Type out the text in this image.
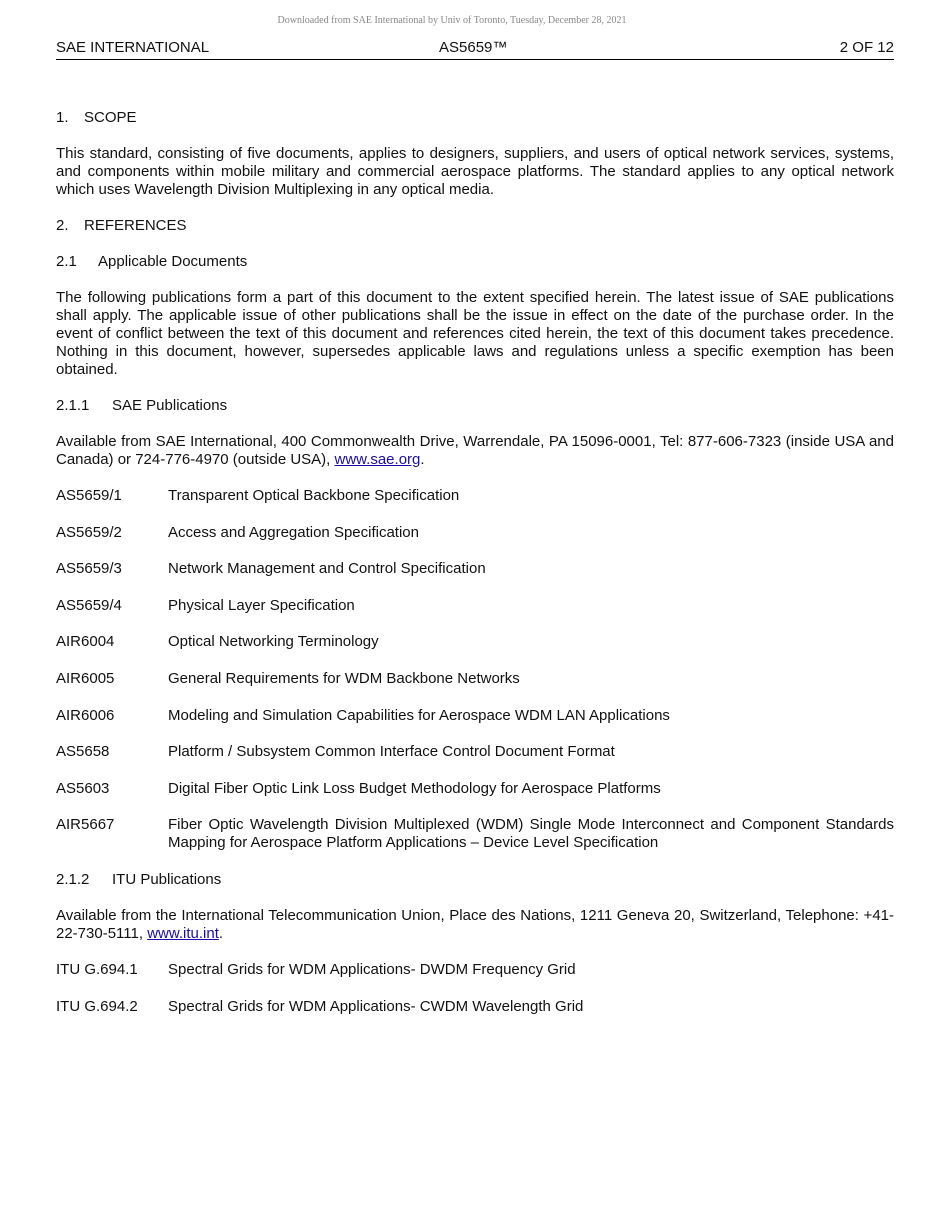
Downloaded from SAE International by Univ of Toronto, Tuesday, December 28, 2021
SAE INTERNATIONAL	AS5659™	2 OF 12

1. SCOPE

This standard, consisting of five documents, applies to designers, suppliers, and users of optical network services, systems, and components within mobile military and commercial aerospace platforms. The standard applies to any optical network which uses Wavelength Division Multiplexing in any optical media.

2. REFERENCES

2.1 Applicable Documents

The following publications form a part of this document to the extent specified herein. The latest issue of SAE publications shall apply. The applicable issue of other publications shall be the issue in effect on the date of the purchase order. In the event of conflict between the text of this document and references cited herein, the text of this document takes precedence. Nothing in this document, however, supersedes applicable laws and regulations unless a specific exemption has been obtained.

2.1.1 SAE Publications

Available from SAE International, 400 Commonwealth Drive, Warrendale, PA 15096-0001, Tel: 877-606-7323 (inside USA and Canada) or 724-776-4970 (outside USA), www.sae.org.

AS5659/1	Transparent Optical Backbone Specification
AS5659/2	Access and Aggregation Specification
AS5659/3	Network Management and Control Specification
AS5659/4	Physical Layer Specification
AIR6004	Optical Networking Terminology
AIR6005	General Requirements for WDM Backbone Networks
AIR6006	Modeling and Simulation Capabilities for Aerospace WDM LAN Applications
AS5658	Platform / Subsystem Common Interface Control Document Format
AS5603	Digital Fiber Optic Link Loss Budget Methodology for Aerospace Platforms
AIR5667	Fiber Optic Wavelength Division Multiplexed (WDM) Single Mode Interconnect and Component Standards Mapping for Aerospace Platform Applications – Device Level Specification

2.1.2 ITU Publications

Available from the International Telecommunication Union, Place des Nations, 1211 Geneva 20, Switzerland, Telephone: +41-22-730-5111, www.itu.int.

ITU G.694.1	Spectral Grids for WDM Applications- DWDM Frequency Grid
ITU G.694.2	Spectral Grids for WDM Applications- CWDM Wavelength Grid
